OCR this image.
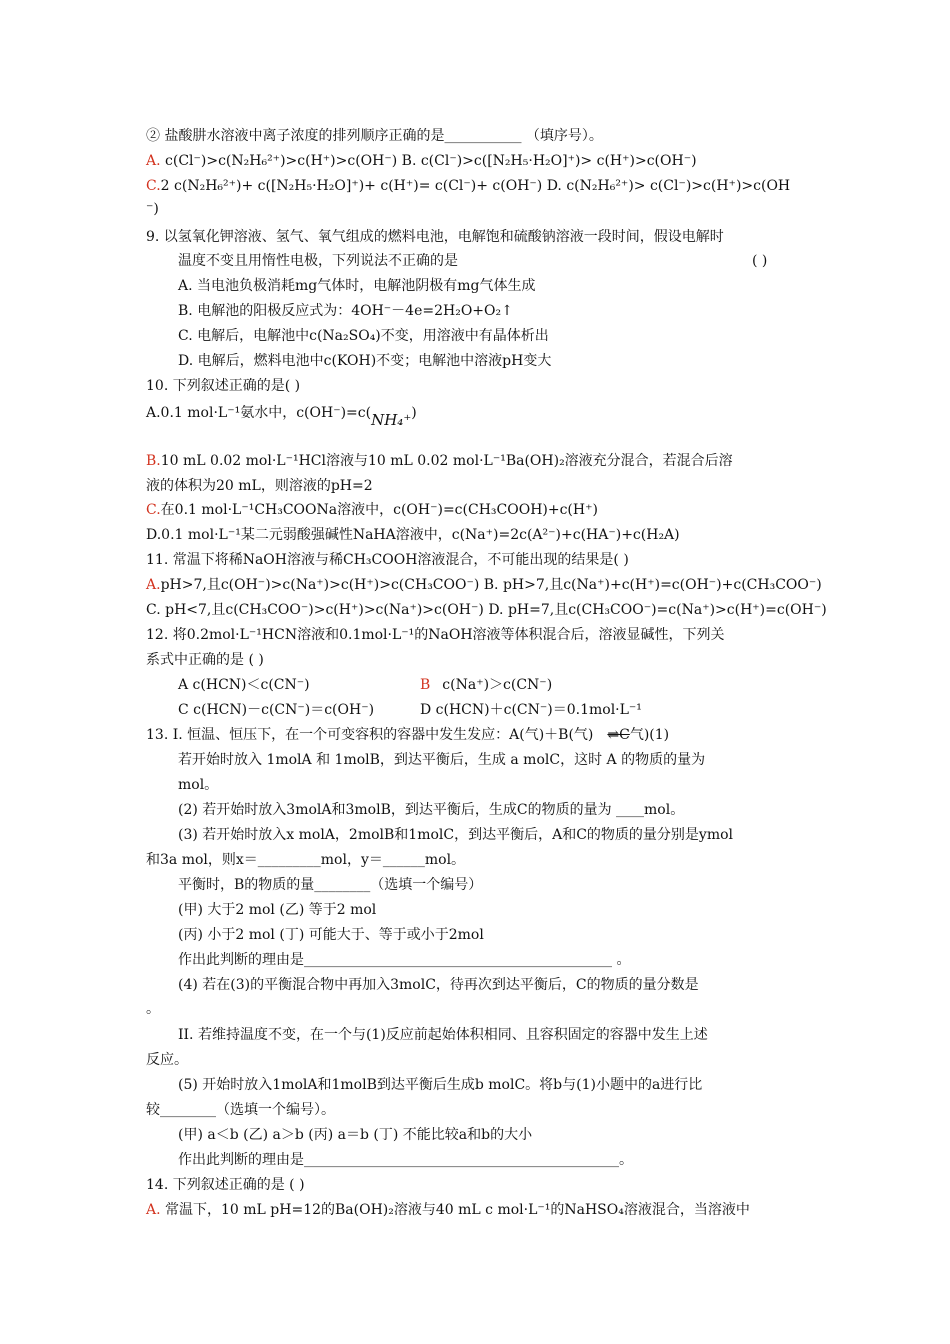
② 盐酸肼水溶液中离子浓度的排列顺序正确的是___________ （填序号）。
A. c(Cl⁻)>c(N₂H₆²⁺)>c(H⁺)>c(OH⁻) B. c(Cl⁻)>c([N₂H₅·H₂O]⁺)> c(H⁺)>c(OH⁻)
C.2 c(N₂H₆²⁺)+ c([N₂H₅·H₂O]⁺)+ c(H⁺)= c(Cl⁻)+ c(OH⁻) D. c(N₂H₆²⁺)> c(Cl⁻)>c(H⁺)>c(OH
⁻)
9. 以氢氧化钾溶液、氢气、氧气组成的燃料电池，电解饱和硫酸钠溶液一段时间，假设电解时
温度不变且用惰性电极，下列说法不正确的是	( )
A. 当电池负极消耗mg气体时，电解池阴极有mg气体生成
B. 电解池的阳极反应式为：4OH⁻－4e=2H₂O+O₂↑
C. 电解后，电解池中c(Na₂SO₄)不变，用溶液中有晶体析出
D. 电解后，燃料电池中c(KOH)不变；电解池中溶液pH变大
10. 下列叙述正确的是( )
A.0.1 mol·L⁻¹氨水中，c(OH⁻)=c(NH₄⁺)
B.10 mL 0.02 mol·L⁻¹HCl溶液与10 mL 0.02 mol·L⁻¹Ba(OH)₂溶液充分混合，若混合后溶
液的体积为20 mL，则溶液的pH=2
C.在0.1 mol·L⁻¹CH₃COONa溶液中，c(OH⁻)=c(CH₃COOH)+c(H⁺)
D.0.1 mol·L⁻¹某二元弱酸强碱性NaHA溶液中，c(Na⁺)=2c(A²⁻)+c(HA⁻)+c(H₂A)
11. 常温下将稀NaOH溶液与稀CH₃COOH溶液混合，不可能出现的结果是( )
A.pH>7,且c(OH⁻)>c(Na⁺)>c(H⁺)>c(CH₃COO⁻) B. pH>7,且c(Na⁺)+c(H⁺)=c(OH⁻)+c(CH₃COO⁻)
C. pH<7,且c(CH₃COO⁻)>c(H⁺)>c(Na⁺)>c(OH⁻) D. pH=7,且c(CH₃COO⁻)=c(Na⁺)>c(H⁺)=c(OH⁻)
12. 将0.2mol·L⁻¹HCN溶液和0.1mol·L⁻¹的NaOH溶液等体积混合后，溶液显碱性，下列关
系式中正确的是 ( )
A c(HCN)＜c(CN⁻)	B c(Na⁺)＞c(CN⁻)
C c(HCN)－c(CN⁻)＝c(OH⁻)	D c(HCN)＋c(CN⁻)＝0.1mol·L⁻¹
13. I. 恒温、恒压下，在一个可变容积的容器中发生发应：A(气)＋B(气) ⇌C气)(1)
若开始时放入 1molA 和 1molB，到达平衡后，生成 a molC，这时 A 的物质的量为
mol。
(2) 若开始时放入3molA和3molB，到达平衡后，生成C的物质的量为 ____mol。
(3) 若开始时放入x molA，2molB和1molC，到达平衡后，A和C的物质的量分别是ymol
和3a mol，则x＝_________mol，y＝______mol。
平衡时，B的物质的量________（选填一个编号）
(甲) 大于2 mol (乙) 等于2 mol
(丙) 小于2 mol (丁) 可能大于、等于或小于2mol
作出此判断的理由是____________________________________________ 。
(4) 若在(3)的平衡混合物中再加入3molC，待再次到达平衡后，C的物质的量分数是
。
II. 若维持温度不变，在一个与(1)反应前起始体积相同、且容积固定的容器中发生上述
反应。
(5) 开始时放入1molA和1molB到达平衡后生成b molC。将b与(1)小题中的a进行比
较________（选填一个编号）。
(甲) a＜b (乙) a＞b (丙) a＝b (丁) 不能比较a和b的大小
作出此判断的理由是_____________________________________________。
14. 下列叙述正确的是 ( )
A. 常温下，10 mL pH=12的Ba(OH)₂溶液与40 mL c mol·L⁻¹的NaHSO₄溶液混合，当溶液中
